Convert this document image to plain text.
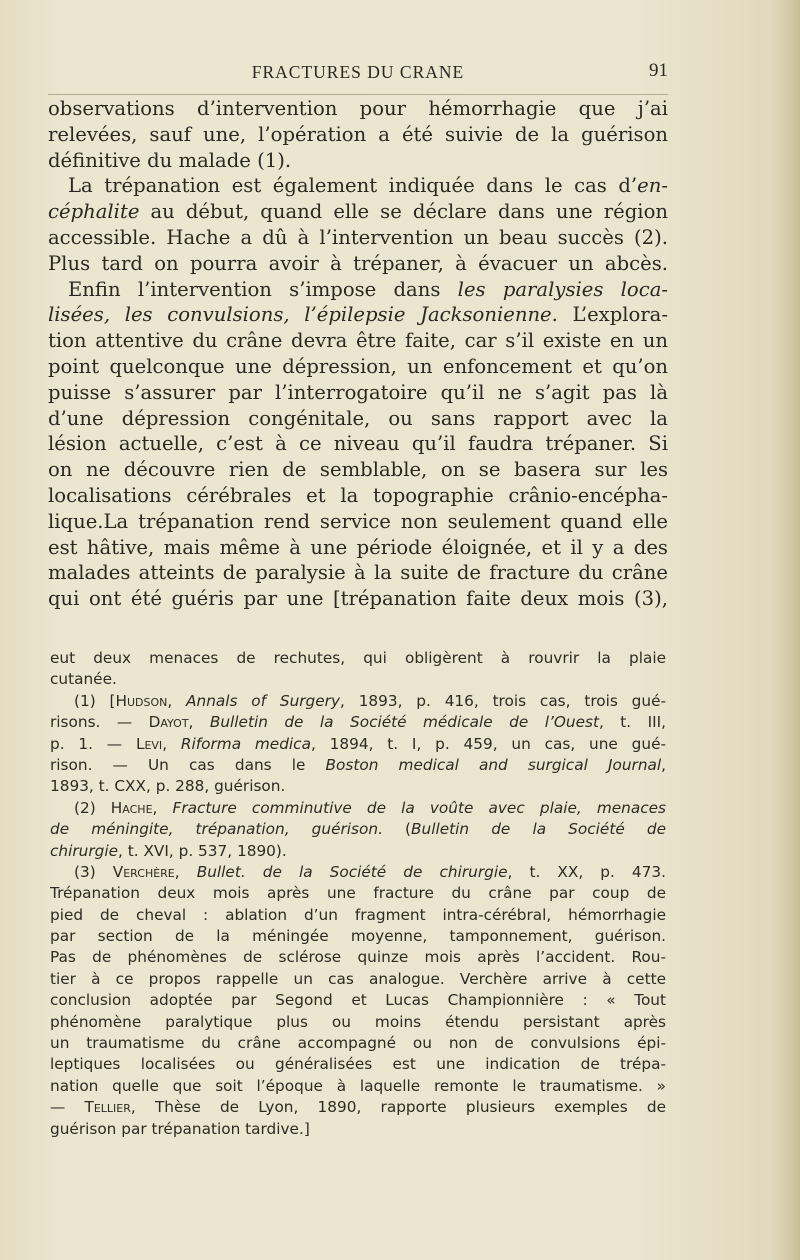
FRACTURES DU CRANE	91
observations d’intervention pour hémorrhagie que j’ai
relevées, sauf une, l’opération a été suivie de la guérison
définitive du malade (1).
La trépanation est également indiquée dans le cas d’en-
céphalite au début, quand elle se déclare dans une région
accessible. Hache a dû à l’intervention un beau succès (2).
Plus tard on pourra avoir à trépaner, à évacuer un abcès.
Enfin l’intervention s’impose dans les paralysies loca-
lisées, les convulsions, l’épilepsie Jacksonienne. L’explora-
tion attentive du crâne devra être faite, car s’il existe en un
point quelconque une dépression, un enfoncement et qu’on
puisse s’assurer par l’interrogatoire qu’il ne s’agit pas là
d’une dépression congénitale, ou sans rapport avec la
lésion actuelle, c’est à ce niveau qu’il faudra trépaner. Si
on ne découvre rien de semblable, on se basera sur les
localisations cérébrales et la topographie crânio-encépha-
lique.La trépanation rend service non seulement quand elle
est hâtive, mais même à une période éloignée, et il y a des
malades atteints de paralysie à la suite de fracture du crâne
qui ont été guéris par une [trépanation faite deux mois (3),
eut deux menaces de rechutes, qui obligèrent à rouvrir la plaie
cutanée.
(1) [Hudson, Annals of Surgery, 1893, p. 416, trois cas, trois gué-
risons. — Dayot, Bulletin de la Société médicale de l’Ouest, t. III,
p. 1. — Levi, Riforma medica, 1894, t. I, p. 459, un cas, une gué-
rison. — Un cas dans le Boston medical and surgical Journal,
1893, t. CXX, p. 288, guérison.
(2) Hache, Fracture comminutive de la voûte avec plaie, menaces
de méningite, trépanation, guérison. (Bulletin de la Société de
chirurgie, t. XVI, p. 537, 1890).
(3) Verchère, Bullet. de la Société de chirurgie, t. XX, p. 473.
Trépanation deux mois après une fracture du crâne par coup de
pied de cheval : ablation d’un fragment intra-cérébral, hémorrhagie
par section de la méningée moyenne, tamponnement, guérison.
Pas de phénomènes de sclérose quinze mois après l’accident. Rou-
tier à ce propos rappelle un cas analogue. Verchère arrive à cette
conclusion adoptée par Segond et Lucas Championnière : « Tout
phénomène paralytique plus ou moins étendu persistant après
un traumatisme du crâne accompagné ou non de convulsions épi-
leptiques localisées ou généralisées est une indication de trépa-
nation quelle que soit l’époque à laquelle remonte le traumatisme. »
— Tellier, Thèse de Lyon, 1890, rapporte plusieurs exemples de
guérison par trépanation tardive.]
